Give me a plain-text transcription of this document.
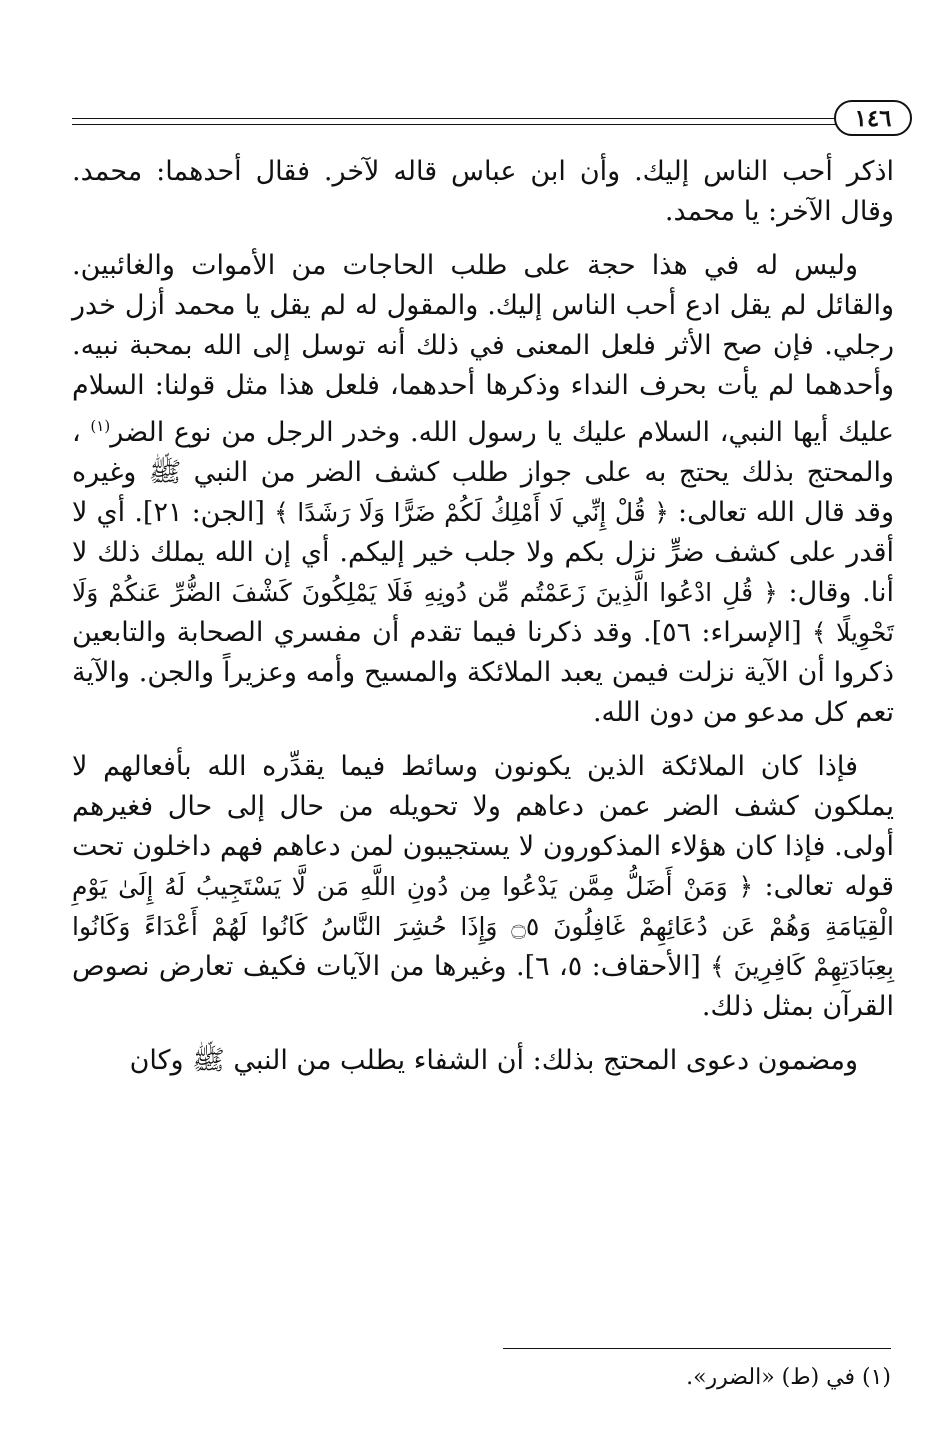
١٤٦

اذكر أحب الناس إليك. وأن ابن عباس قاله لآخر. فقال أحدهما: محمد. وقال الآخر: يا محمد.

وليس له في هذا حجة على طلب الحاجات من الأموات والغائبين. والقائل لم يقل ادع أحب الناس إليك. والمقول له لم يقل يا محمد أزل خدر رجلي. فإن صح الأثر فلعل المعنى في ذلك أنه توسل إلى الله بمحبة نبيه. وأحدهما لم يأت بحرف النداء وذكرها أحدهما، فلعل هذا مثل قولنا: السلام عليك أيها النبي، السلام عليك يا رسول الله. وخدر الرجل من نوع الضر$^{(١)}$ ، والمحتج بذلك يحتج به على جواز طلب كشف الضر من النبي ﷺ وغيره وقد قال الله تعالى: ﴿ قُلْ إِنِّي لَا أَمْلِكُ لَكُمْ ضَرًّا وَلَا رَشَدًا ﴾ [الجن: ٢١]. أي لا أقدر على كشف ضرٍّ نزل بكم ولا جلب خير إليكم. أي إن الله يملك ذلك لا أنا. وقال: ﴿ قُلِ ادْعُوا الَّذِينَ زَعَمْتُم مِّن دُونِهِ فَلَا يَمْلِكُونَ كَشْفَ الضُّرِّ عَنكُمْ وَلَا تَحْوِيلًا ﴾ [الإسراء: ٥٦]. وقد ذكرنا فيما تقدم أن مفسري الصحابة والتابعين ذكروا أن الآية نزلت فيمن يعبد الملائكة والمسيح وأمه وعزيراً والجن. والآية تعم كل مدعو من دون الله.

فإذا كان الملائكة الذين يكونون وسائط فيما يقدِّره الله بأفعالهم لا يملكون كشف الضر عمن دعاهم ولا تحويله من حال إلى حال فغيرهم أولى. فإذا كان هؤلاء المذكورون لا يستجيبون لمن دعاهم فهم داخلون تحت قوله تعالى: ﴿ وَمَنْ أَضَلُّ مِمَّن يَدْعُوا مِن دُونِ اللَّهِ مَن لَّا يَسْتَجِيبُ لَهُ إِلَىٰ يَوْمِ الْقِيَامَةِ وَهُمْ عَن دُعَائِهِمْ غَافِلُونَ ۝٥ وَإِذَا حُشِرَ النَّاسُ كَانُوا لَهُمْ أَعْدَاءً وَكَانُوا بِعِبَادَتِهِمْ كَافِرِينَ ﴾ [الأحقاف: ٥، ٦]. وغيرها من الآيات فكيف تعارض نصوص القرآن بمثل ذلك.

ومضمون دعوى المحتج بذلك: أن الشفاء يطلب من النبي ﷺ وكان

(١) في (ط) «الضرر».
